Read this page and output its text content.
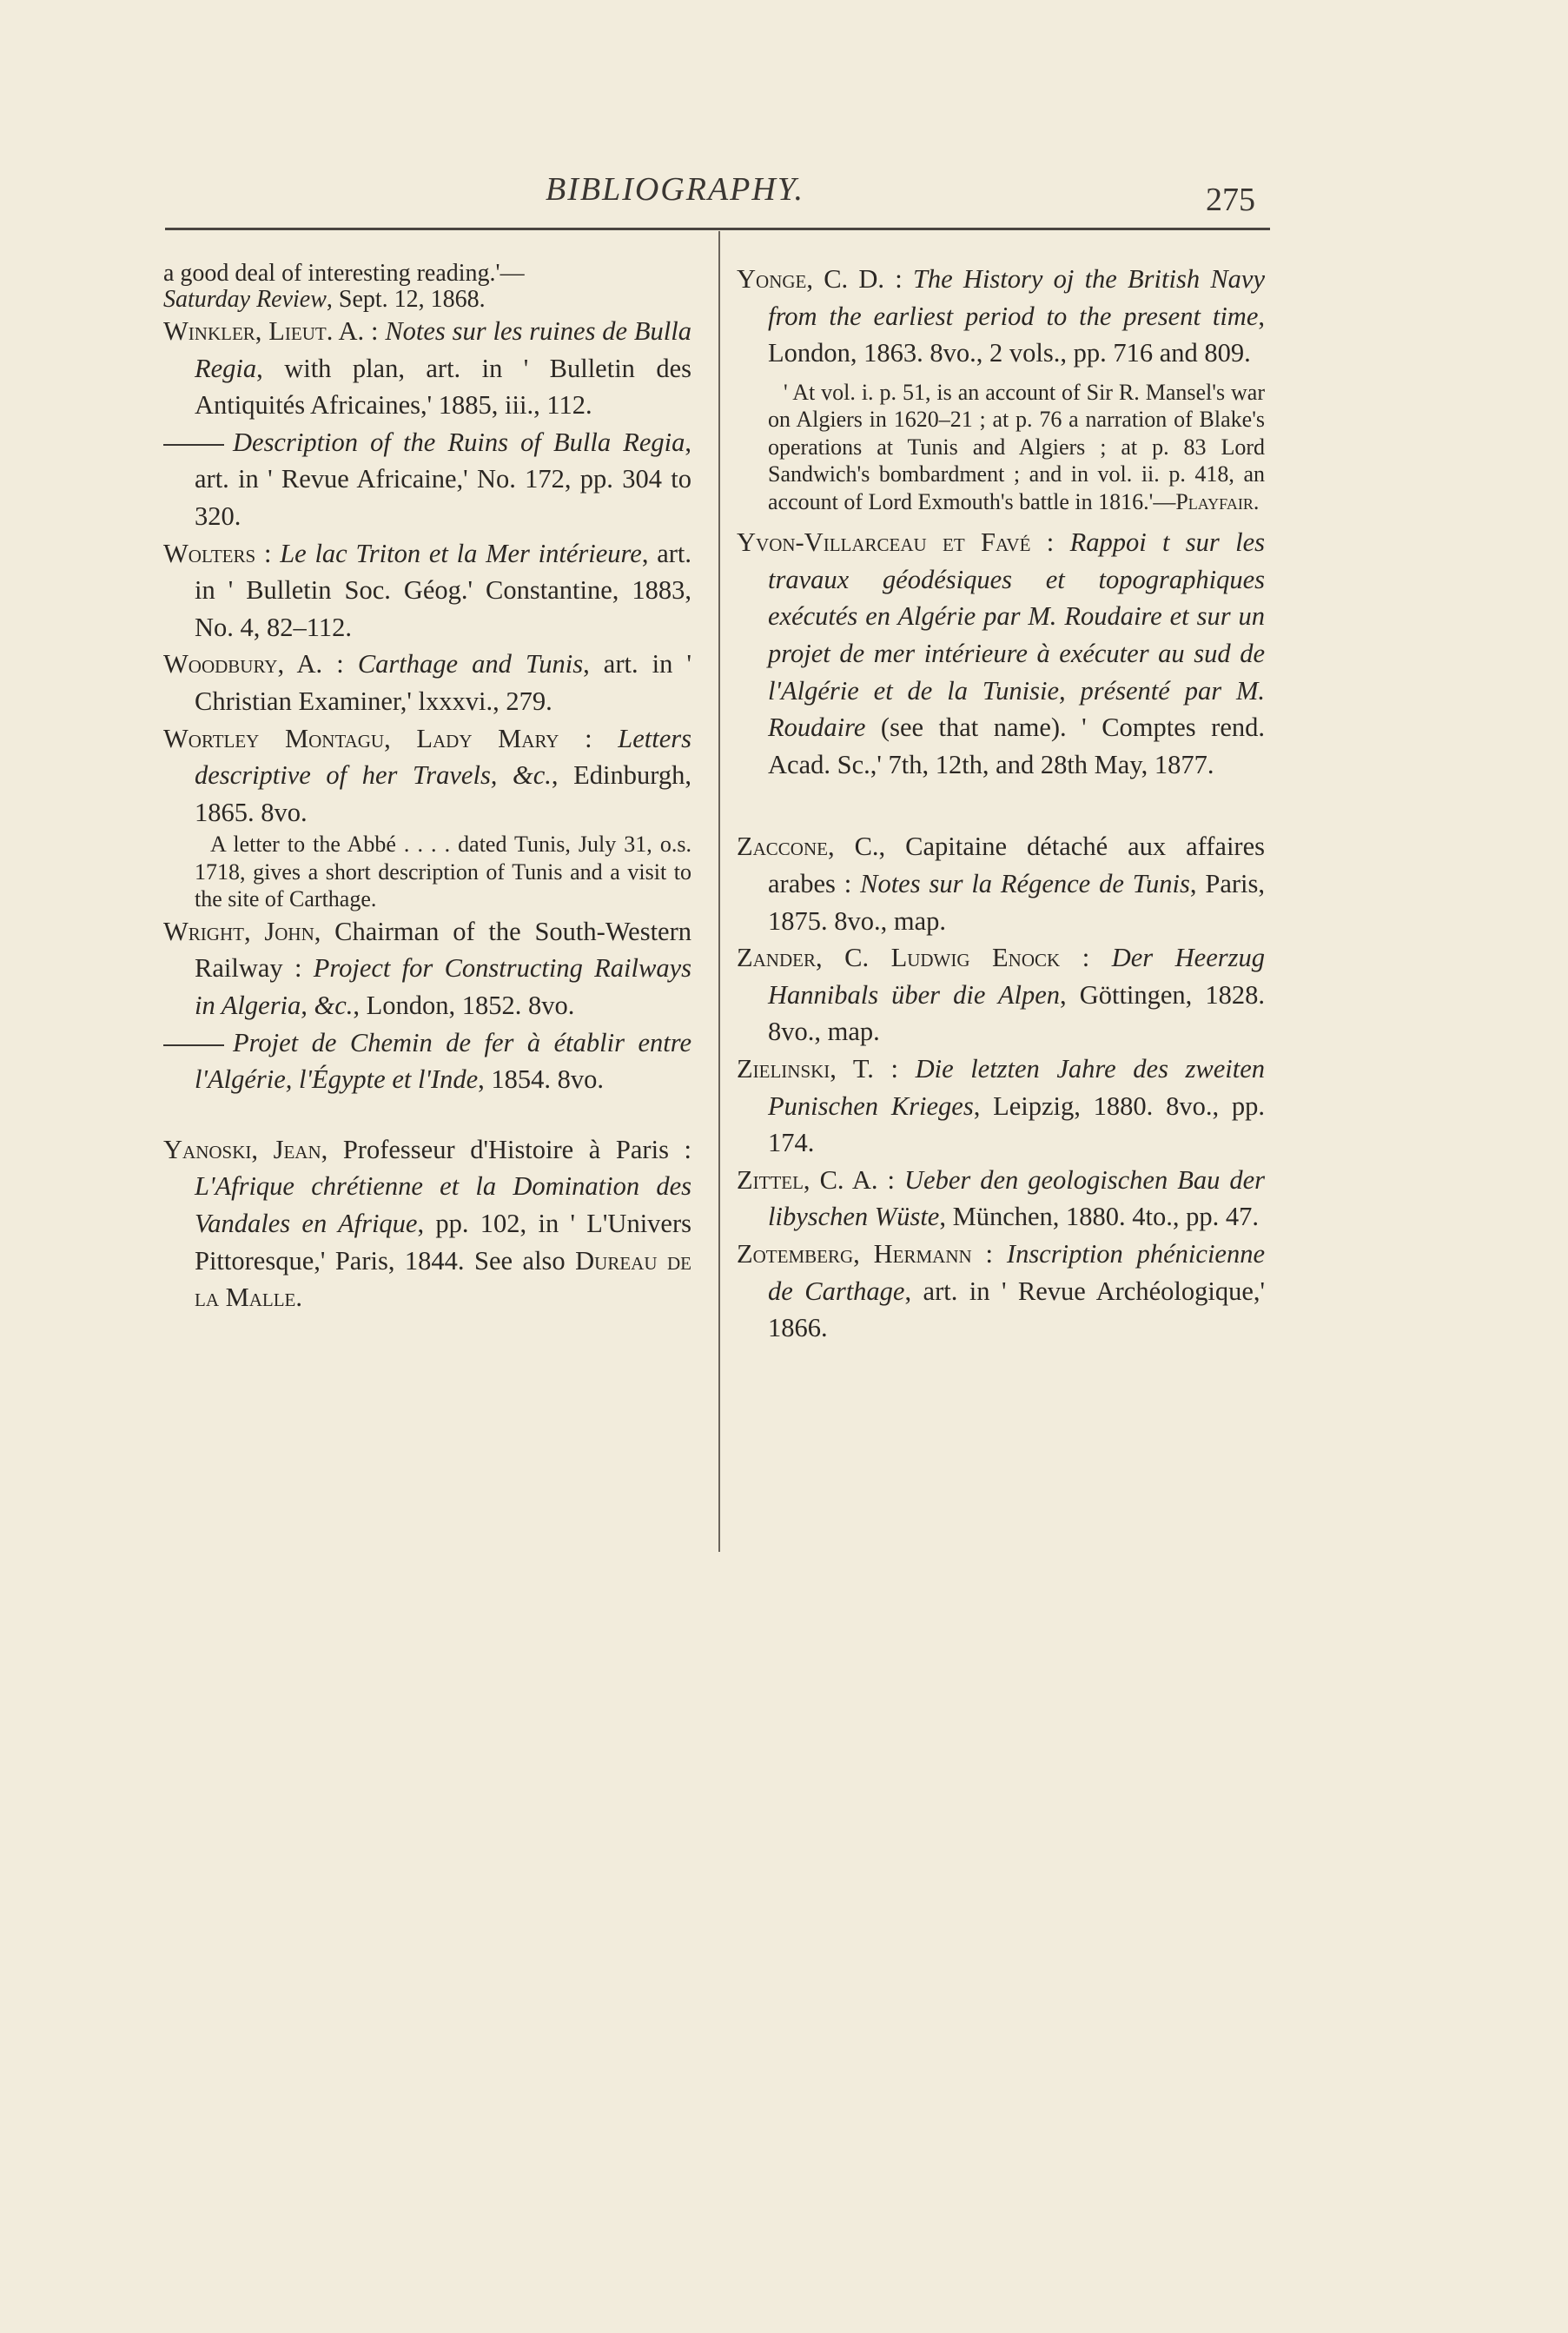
BIBLIOGRAPHY.	275

a good deal of interesting reading.'—
Saturday Review, Sept. 12, 1868.

Winkler, Lieut. A. : Notes sur les ruines de Bulla Regia, with plan, art. in ' Bulletin des Antiquités Africaines,' 1885, iii., 112.

Description of the Ruins of Bulla Regia, art. in ' Revue Africaine,' No. 172, pp. 304 to 320.

Wolters : Le lac Triton et la Mer intérieure, art. in ' Bulletin Soc. Géog.' Constantine, 1883, No. 4, 82–112.

Woodbury, A. : Carthage and Tunis, art. in ' Christian Examiner,' lxxxvi., 279.

Wortley Montagu, Lady Mary : Letters descriptive of her Travels, &c., Edinburgh, 1865. 8vo.

A letter to the Abbé . . . . dated Tunis, July 31, o.s. 1718, gives a short description of Tunis and a visit to the site of Carthage.

Wright, John, Chairman of the South-Western Railway : Project for Constructing Railways in Algeria, &c., London, 1852. 8vo.

Projet de Chemin de fer à établir entre l'Algérie, l'Égypte et l'Inde, 1854. 8vo.

Yanoski, Jean, Professeur d'Histoire à Paris : L'Afrique chrétienne et la Domination des Vandales en Afrique, pp. 102, in ' L'Univers Pittoresque,' Paris, 1844. See also Dureau de la Malle.

Yonge, C. D. : The History oj the British Navy from the earliest period to the present time, London, 1863. 8vo., 2 vols., pp. 716 and 809.

' At vol. i. p. 51, is an account of Sir R. Mansel's war on Algiers in 1620–21 ; at p. 76 a narration of Blake's operations at Tunis and Algiers ; at p. 83 Lord Sandwich's bombardment ; and in vol. ii. p. 418, an account of Lord Exmouth's battle in 1816.'—Playfair.

Yvon-Villarceau et Favé : Rappoi t sur les travaux géodésiques et topographiques exécutés en Algérie par M. Roudaire et sur un projet de mer intérieure à exécuter au sud de l'Algérie et de la Tunisie, présenté par M. Roudaire (see that name). ' Comptes rend. Acad. Sc.,' 7th, 12th, and 28th May, 1877.

Zaccone, C., Capitaine détaché aux affaires arabes : Notes sur la Régence de Tunis, Paris, 1875. 8vo., map.

Zander, C. Ludwig Enock : Der Heerzug Hannibals über die Alpen, Göttingen, 1828. 8vo., map.

Zielinski, T. : Die letzten Jahre des zweiten Punischen Krieges, Leipzig, 1880. 8vo., pp. 174.

Zittel, C. A. : Ueber den geologischen Bau der libyschen Wüste, München, 1880. 4to., pp. 47.

Zotemberg, Hermann : Inscription phénicienne de Carthage, art. in ' Revue Archéologique,' 1866.
